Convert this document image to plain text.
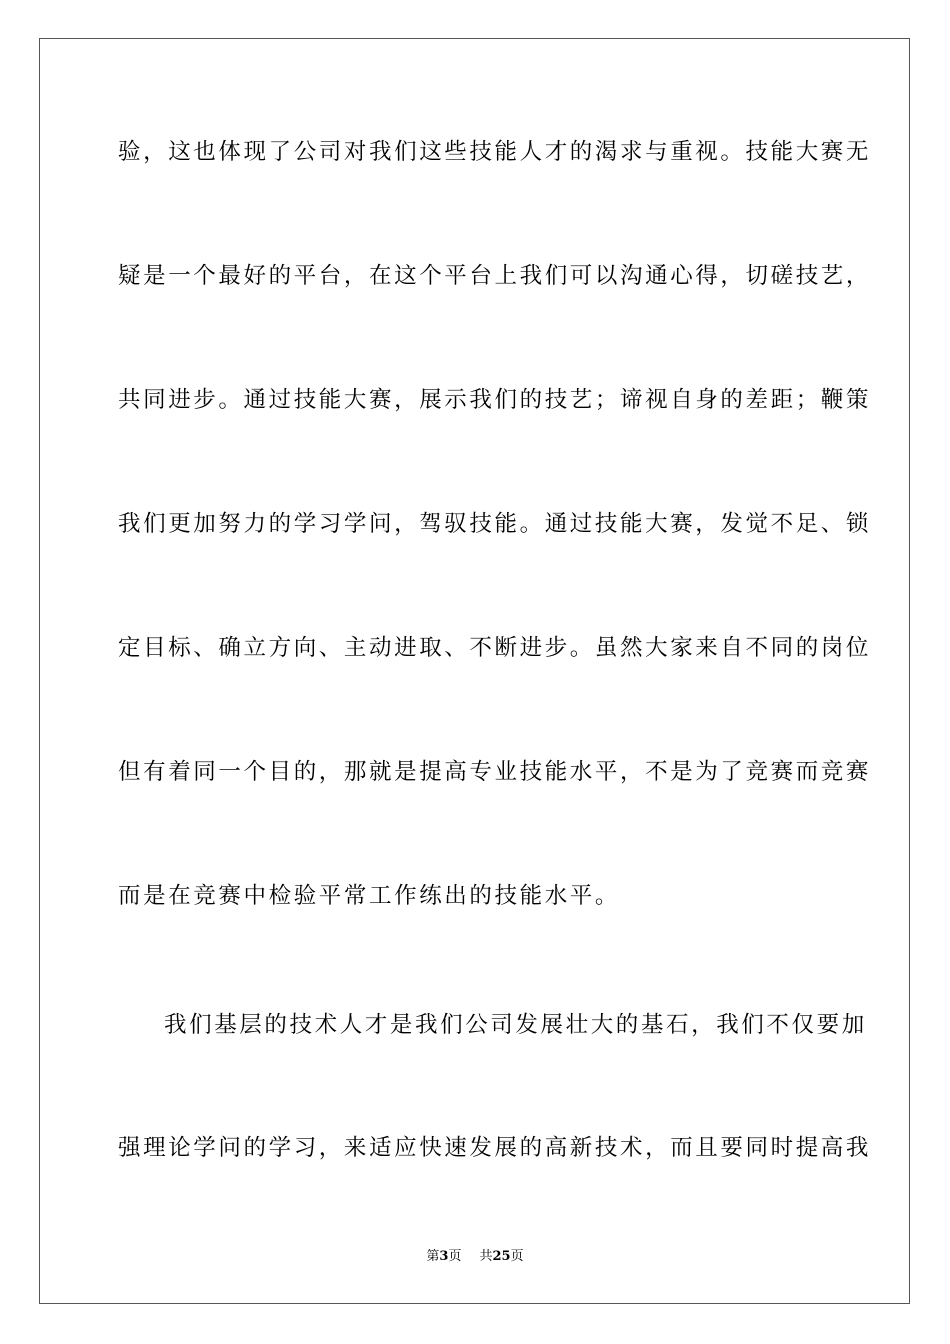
验，这也体现了公司对我们这些技能人才的渴求与重视。技能大赛无
疑是一个最好的平台，在这个平台上我们可以沟通心得，切磋技艺，
共同进步。通过技能大赛，展示我们的技艺；谛视自身的差距；鞭策
我们更加努力的学习学问，驾驭技能。通过技能大赛，发觉不足、锁
定目标、确立方向、主动进取、不断进步。虽然大家来自不同的岗位
但有着同一个目的，那就是提高专业技能水平，不是为了竞赛而竞赛
而是在竞赛中检验平常工作练出的技能水平。
我们基层的技术人才是我们公司发展壮大的基石，我们不仅要加
强理论学问的学习，来适应快速发展的高新技术，而且要同时提高我
第3页 共25页
